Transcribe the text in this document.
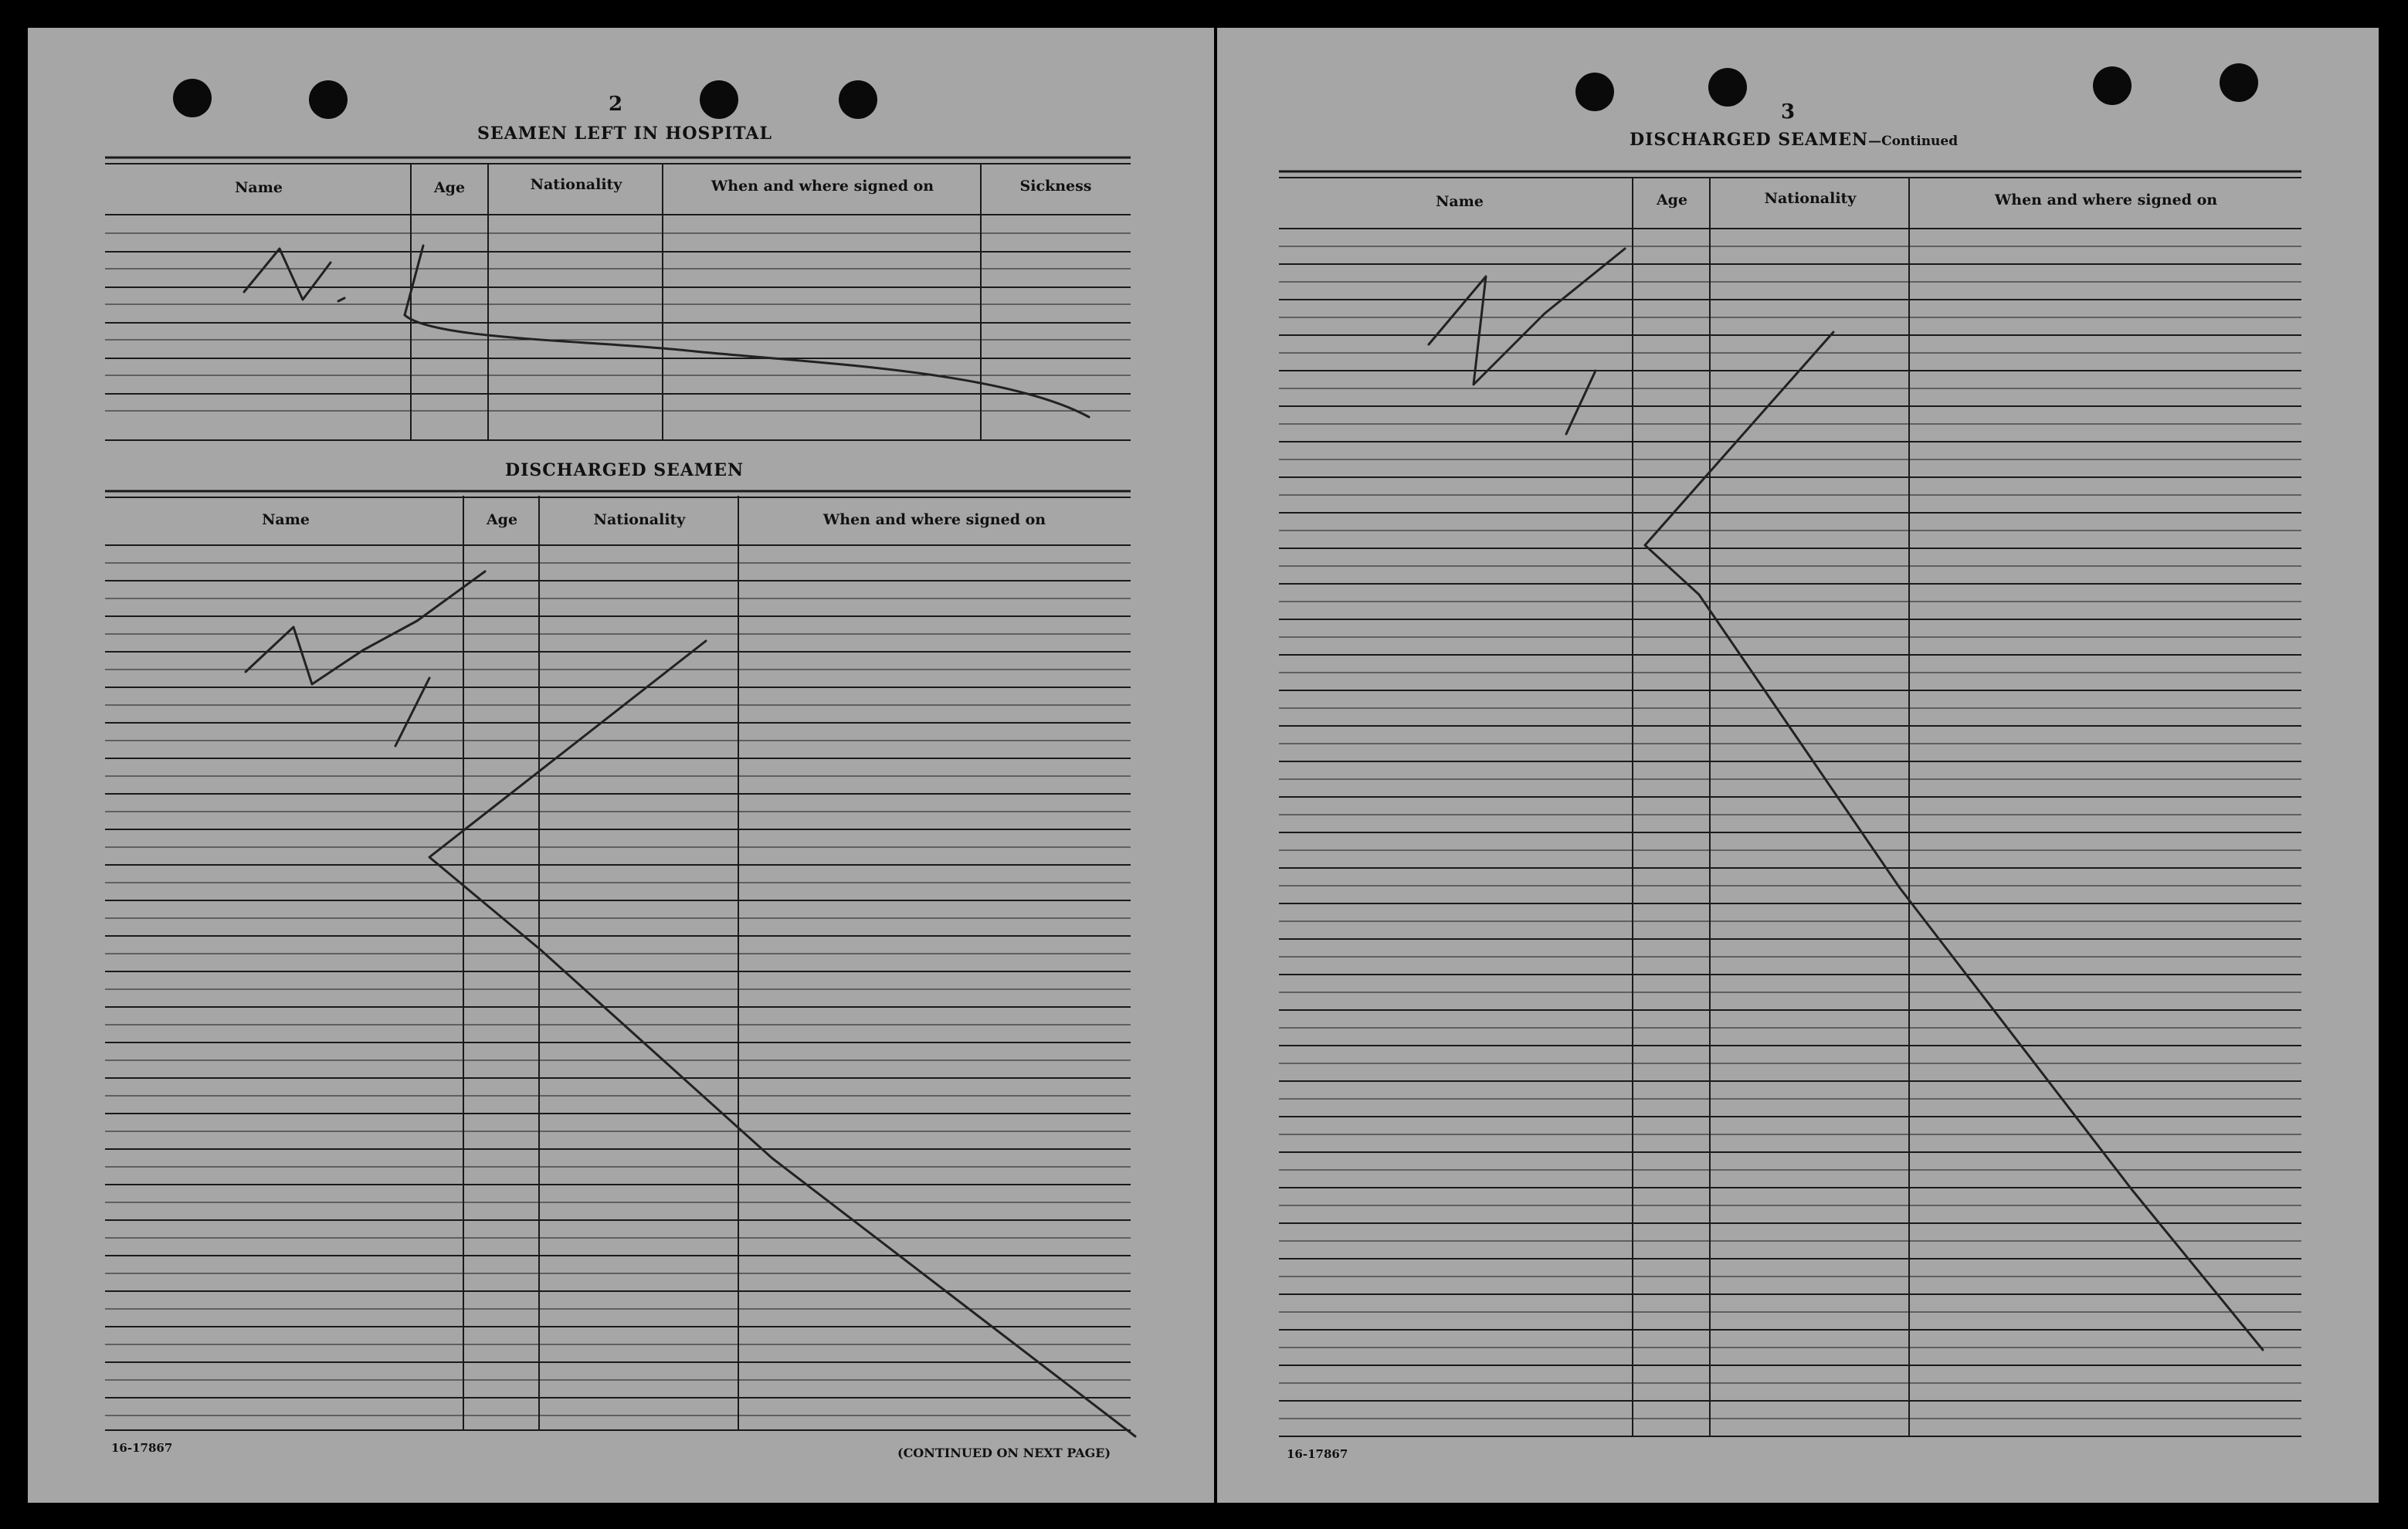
2
SEAMEN LEFT IN HOSPITAL
Name	Age	Nationality	When and where signed on	Sickness
DISCHARGED SEAMEN
Name	Age	Nationality	When and where signed on
16-17867	(CONTINUED ON NEXT PAGE)
3
DISCHARGED SEAMEN—Continued
Name	Age	Nationality	When and where signed on
16-17867
